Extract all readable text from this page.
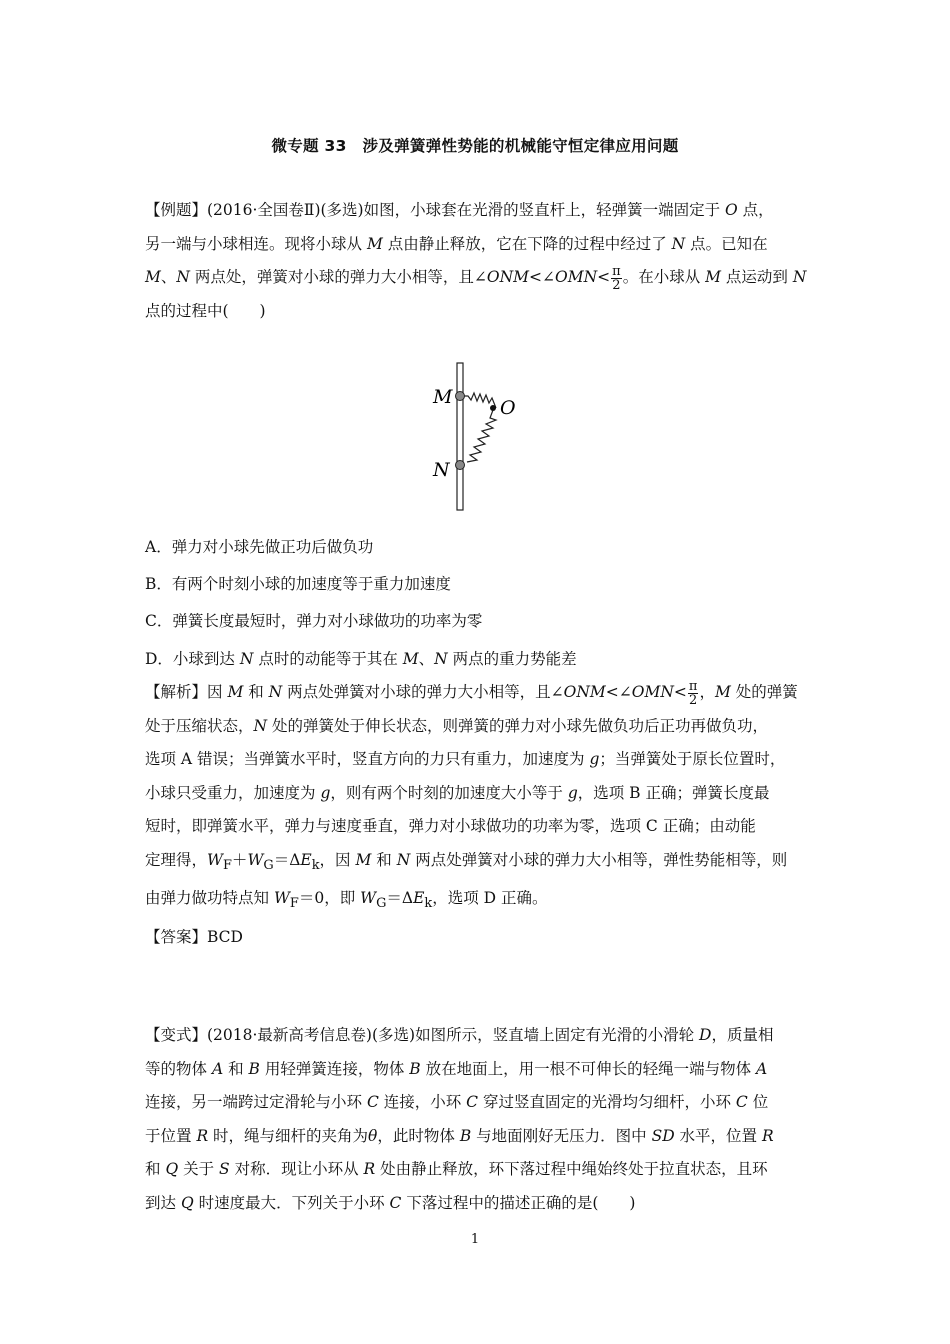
微专题 33　涉及弹簧弹性势能的机械能守恒定律应用问题
【例题】(2016·全国卷Ⅱ)(多选)如图，小球套在光滑的竖直杆上，轻弹簧一端固定于 O 点，
另一端与小球相连。现将小球从 M 点由静止释放，它在下降的过程中经过了 N 点。已知在
M、N 两点处，弹簧对小球的弹力大小相等，且∠ONM<∠OMN< $\frac{\pi}{2}$ 。在小球从 M 点运动到 N
点的过程中(　　)
M	O
N
A．弹力对小球先做正功后做负功
B．有两个时刻小球的加速度等于重力加速度
C．弹簧长度最短时，弹力对小球做功的功率为零
D．小球到达 N 点时的动能等于其在 M、N 两点的重力势能差
【解析】因 M 和 N 两点处弹簧对小球的弹力大小相等，且∠ONM<∠OMN< $\frac{\pi}{2}$ ，M 处的弹簧
处于压缩状态，N 处的弹簧处于伸长状态，则弹簧的弹力对小球先做负功后正功再做负功，
选项 A 错误；当弹簧水平时，竖直方向的力只有重力，加速度为 g；当弹簧处于原长位置时，
小球只受重力，加速度为 g，则有两个时刻的加速度大小等于 g，选项 B 正确；弹簧长度最
短时，即弹簧水平，弹力与速度垂直，弹力对小球做功的功率为零，选项 C 正确；由动能
定理得，$W_F+W_G=\Delta E_k$，因 M 和 N 两点处弹簧对小球的弹力大小相等，弹性势能相等，则
由弹力做功特点知 $W_F=0$，即 $W_G=\Delta E_k$，选项 D 正确。
【答案】BCD
【变式】(2018·最新高考信息卷)(多选)如图所示，竖直墙上固定有光滑的小滑轮 D，质量相
等的物体 A 和 B 用轻弹簧连接，物体 B 放在地面上，用一根不可伸长的轻绳一端与物体 A
连接，另一端跨过定滑轮与小环 C 连接，小环 C 穿过竖直固定的光滑均匀细杆，小环 C 位
于位置 R 时，绳与细杆的夹角为θ，此时物体 B 与地面刚好无压力．图中 SD 水平，位置 R
和 Q 关于 S 对称．现让小环从 R 处由静止释放，环下落过程中绳始终处于拉直状态，且环
到达 Q 时速度最大．下列关于小环 C 下落过程中的描述正确的是(　　)
1
